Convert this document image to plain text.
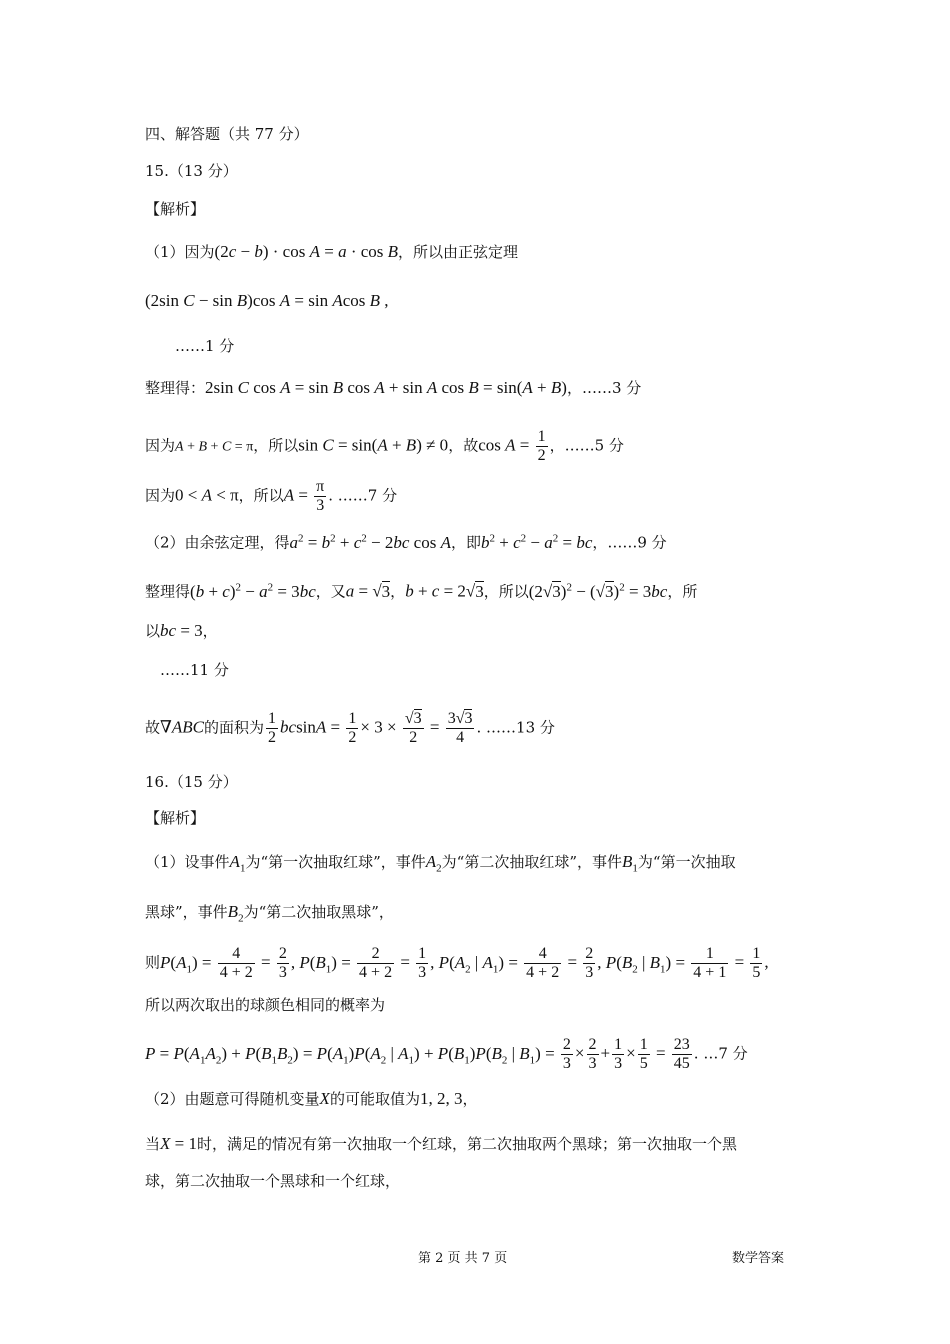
四、解答题（共 77 分）
15.（13 分）
【解析】
（1）因为(2c − b) · cos A = a · cos B，所以由正弦定理
(2sin C − sin B)cos A = sin Acos B ,
……1 分
整理得：2sin C cos A = sin B cos A + sin A cos B = sin(A + B)，……3 分
因为A + B + C = π，所以sin C = sin(A + B) ≠ 0，故$\cos A = \frac{1}{2}$ ，……5 分
因为0 < A < π，所以$A = \frac{\pi}{3}$ . ……7 分
（2）由余弦定理，得$a^2 = b^2 + c^2 - 2bc$ cos A，即$b^2 + c^2 - a^2$ = bc，……9 分
整理得$(b + c)^2 - a^2 = 3bc$，又a = √3，b + c = 2√3，所以$(2√3)^2 - (√3)^2 = 3bc$，所
以bc = 3，
……11 分
故∇ABC的面积为 $\frac{1}{2}$ $bcsinA = \frac{1}{2} \times 3 \times \frac{√3}{2} = \frac{3√3}{4}$ . ……13 分
16.（15 分）
【解析】
（1）设事件$A_1$为“第一次抽取红球”，事件$A_2$为“第二次抽取红球”，事件$B_1$为“第一次抽取
黑球”，事件$B_2$为“第二次抽取黑球”，
则$P(A_1) = \frac{4}{4 + 2} = \frac{2}{3}$ , $P(B_1) = \frac{2}{4 + 2} = \frac{1}{3}$ , $P(A_2$ | $A_1) = \frac{4}{4 + 2} = \frac{2}{3}$ , $P(B_2$ | $B_1) = \frac{1}{4 + 1} = \frac{1}{5}$ ,
所以两次取出的球颜色相同的概率为
$P = P(A_1A_2) + P(B_1B_2) = P(A_1)P(A_2$ | $A_1) + P(B_1)P(B_2$ | $B_1) = \frac{2}{3} \times \frac{2}{3} + \frac{1}{3} \times \frac{1}{5} = \frac{23}{45}$ . …7 分
（2）由题意可得随机变量X的可能取值为1, 2, 3，
当X = 1时，满足的情况有第一次抽取一个红球，第二次抽取两个黑球；第一次抽取一个黑
球，第二次抽取一个黑球和一个红球，
第 2 页 共 7 页	数学答案
